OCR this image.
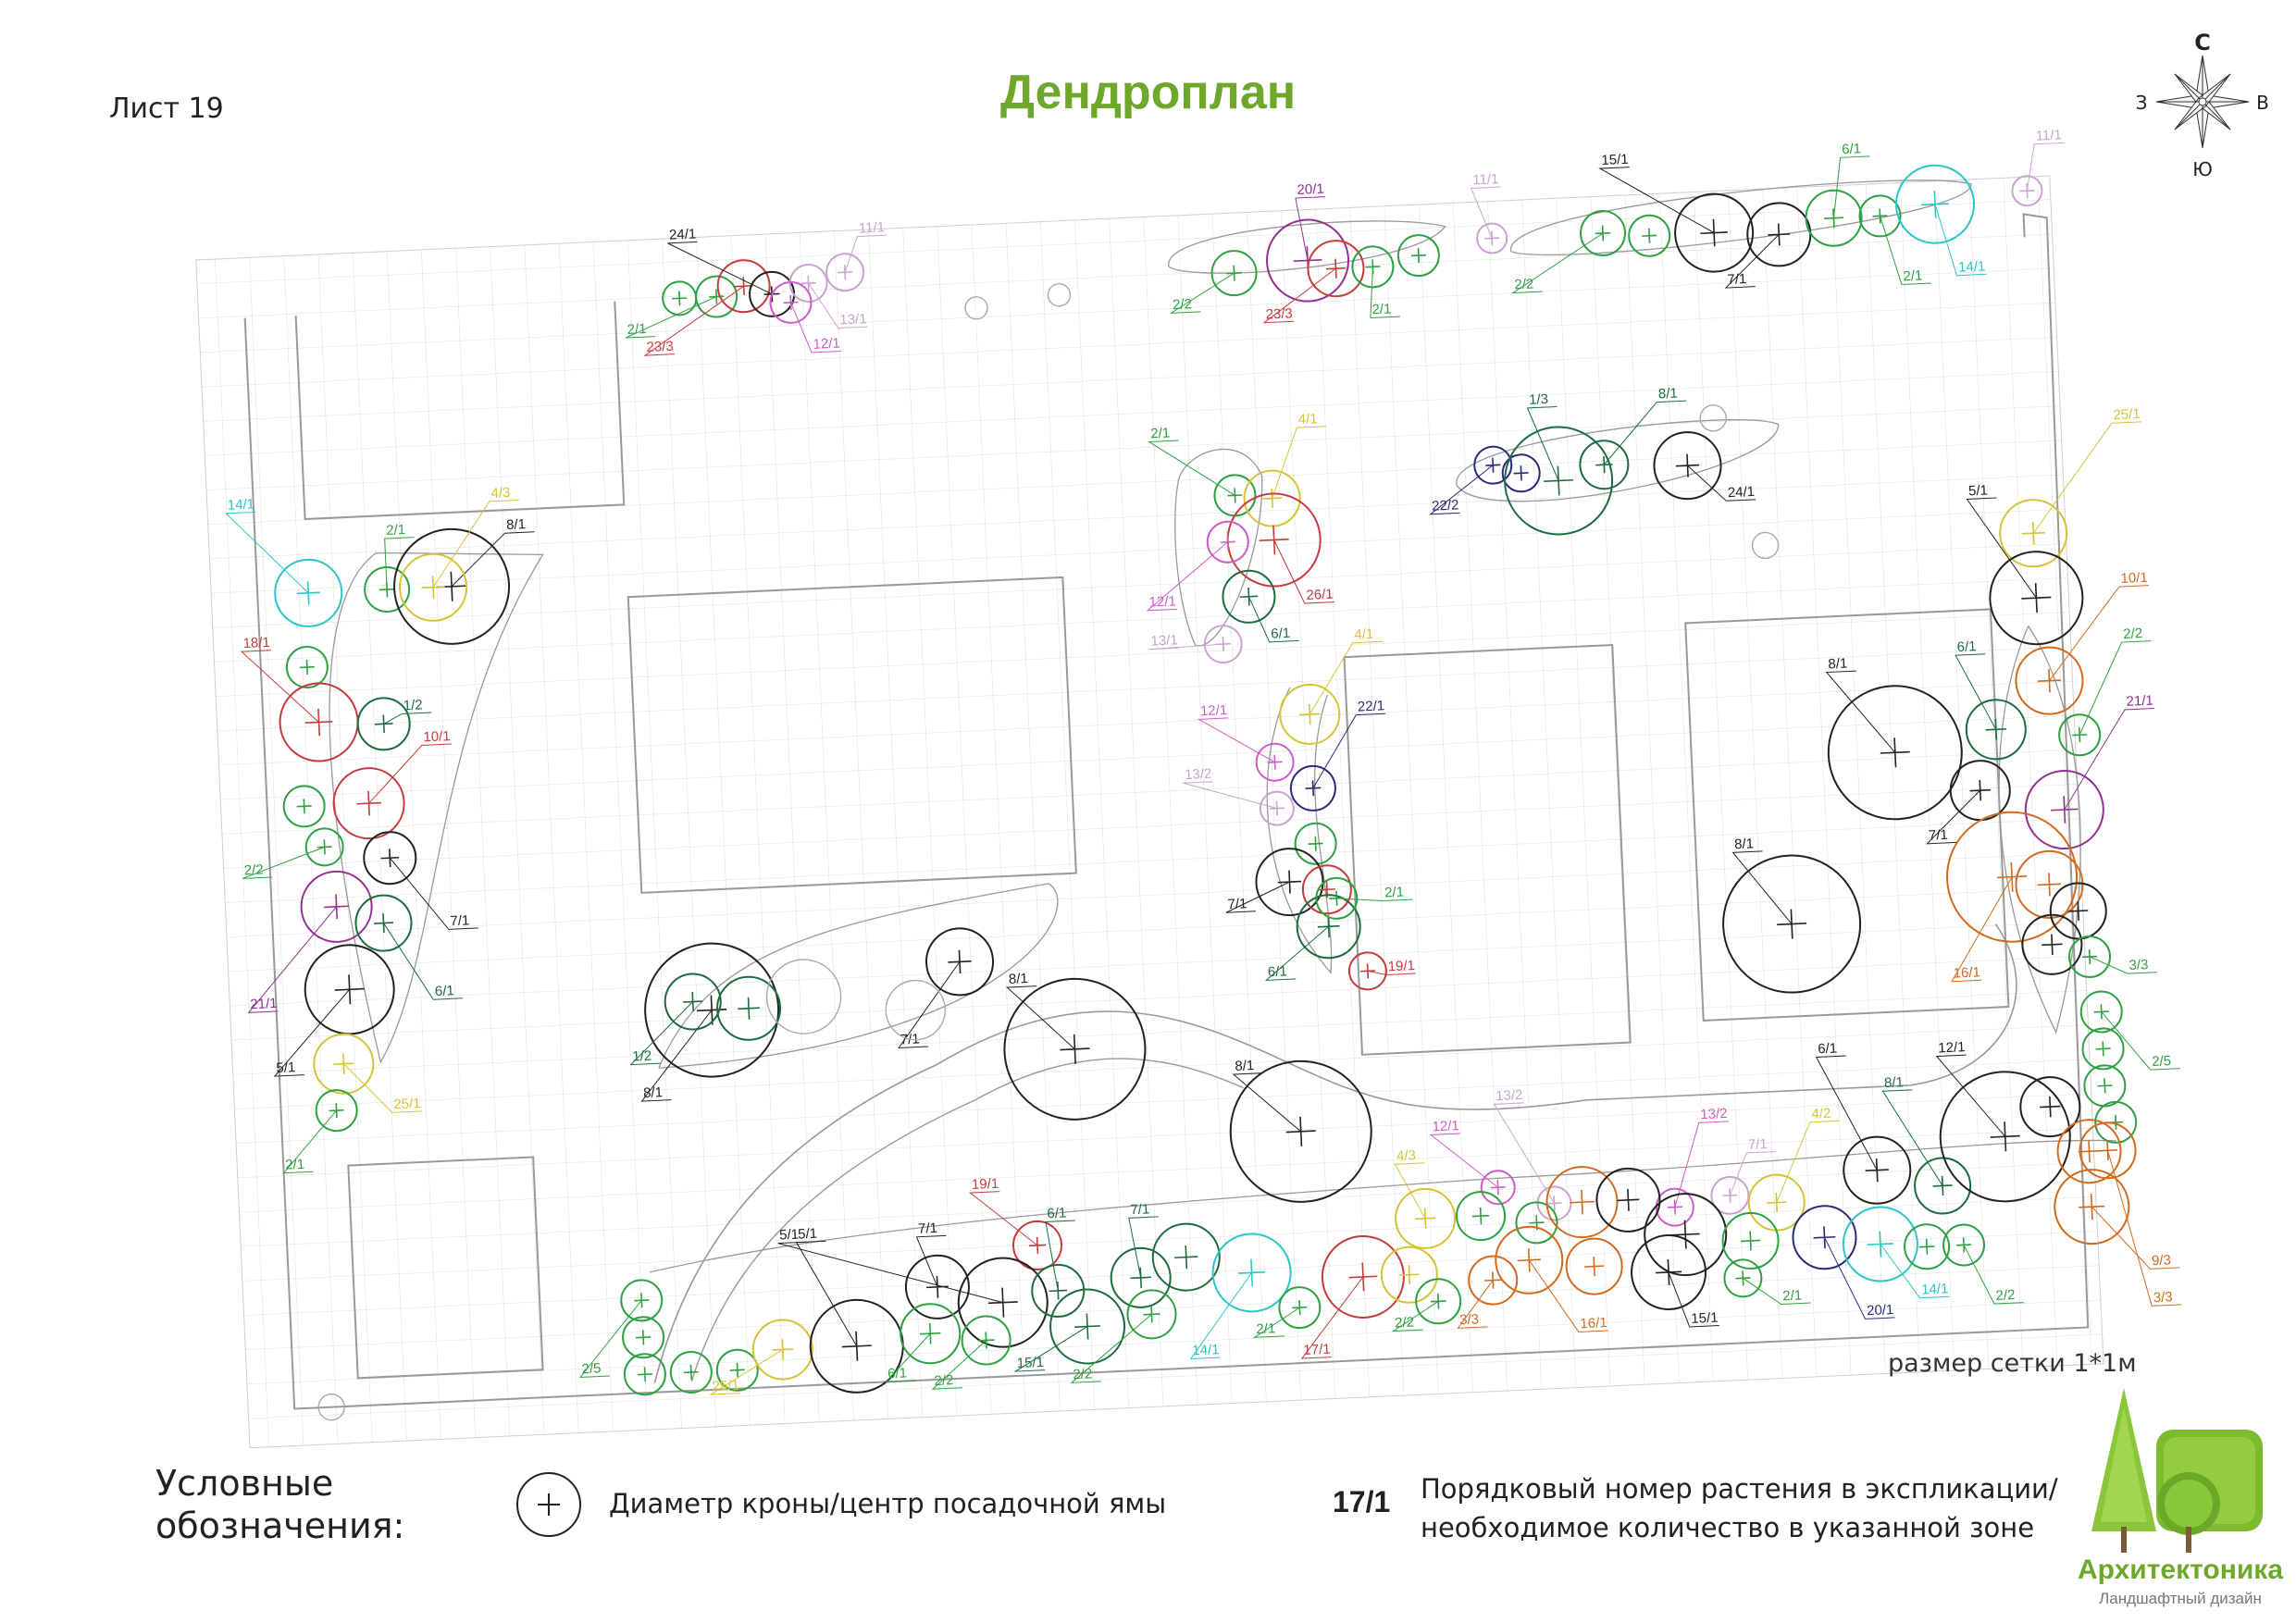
Лист 19	Дендроплан
С
В
Ю
З
2/1
23/3
24/1
13/1
11/1
12/1
2/2
20/1
23/3	2/1
11/1
2/2
15/1
7/1
6/1
2/1
14/1
11/1
2/1
4/1
26/1
12/1
6/1
13/1
22/2
1/3
24/1
8/1
14/1
2/1	8/1
4/3
18/1
1/2
10/1
2/2
7/1
21/1
6/1
5/1
25/1
2/1
4/1
12/1	22/1
13/2
7/1
6/1
2/1
19/1
8/1
1/2
7/1
8/1
8/1
25/1
5/1
10/1
2/2
6/1
21/1
8/1
7/1
8/1
16/1	3/3
2/5
12/1
13/2
13/2
7/1
4/2
6/1
8/1
12/1
4/3
20/1
14/1	2/2
9/3
3/3
19/1
5/1	7/1
6/1	7/1
2/5
25/1
5/1
6/1 2/2
15/1
2/2
14/1
2/1
17/1
2/2	3/3	16/1	15/1
2/1
размер сетки 1*1м
Условные
обозначения:
Диаметр кроны/центр посадочной ямы	17/1 Порядковый номер растения в экспликации/
необходимое количество в указанной зоне
Архитектоника
Ландшафтный дизайн
